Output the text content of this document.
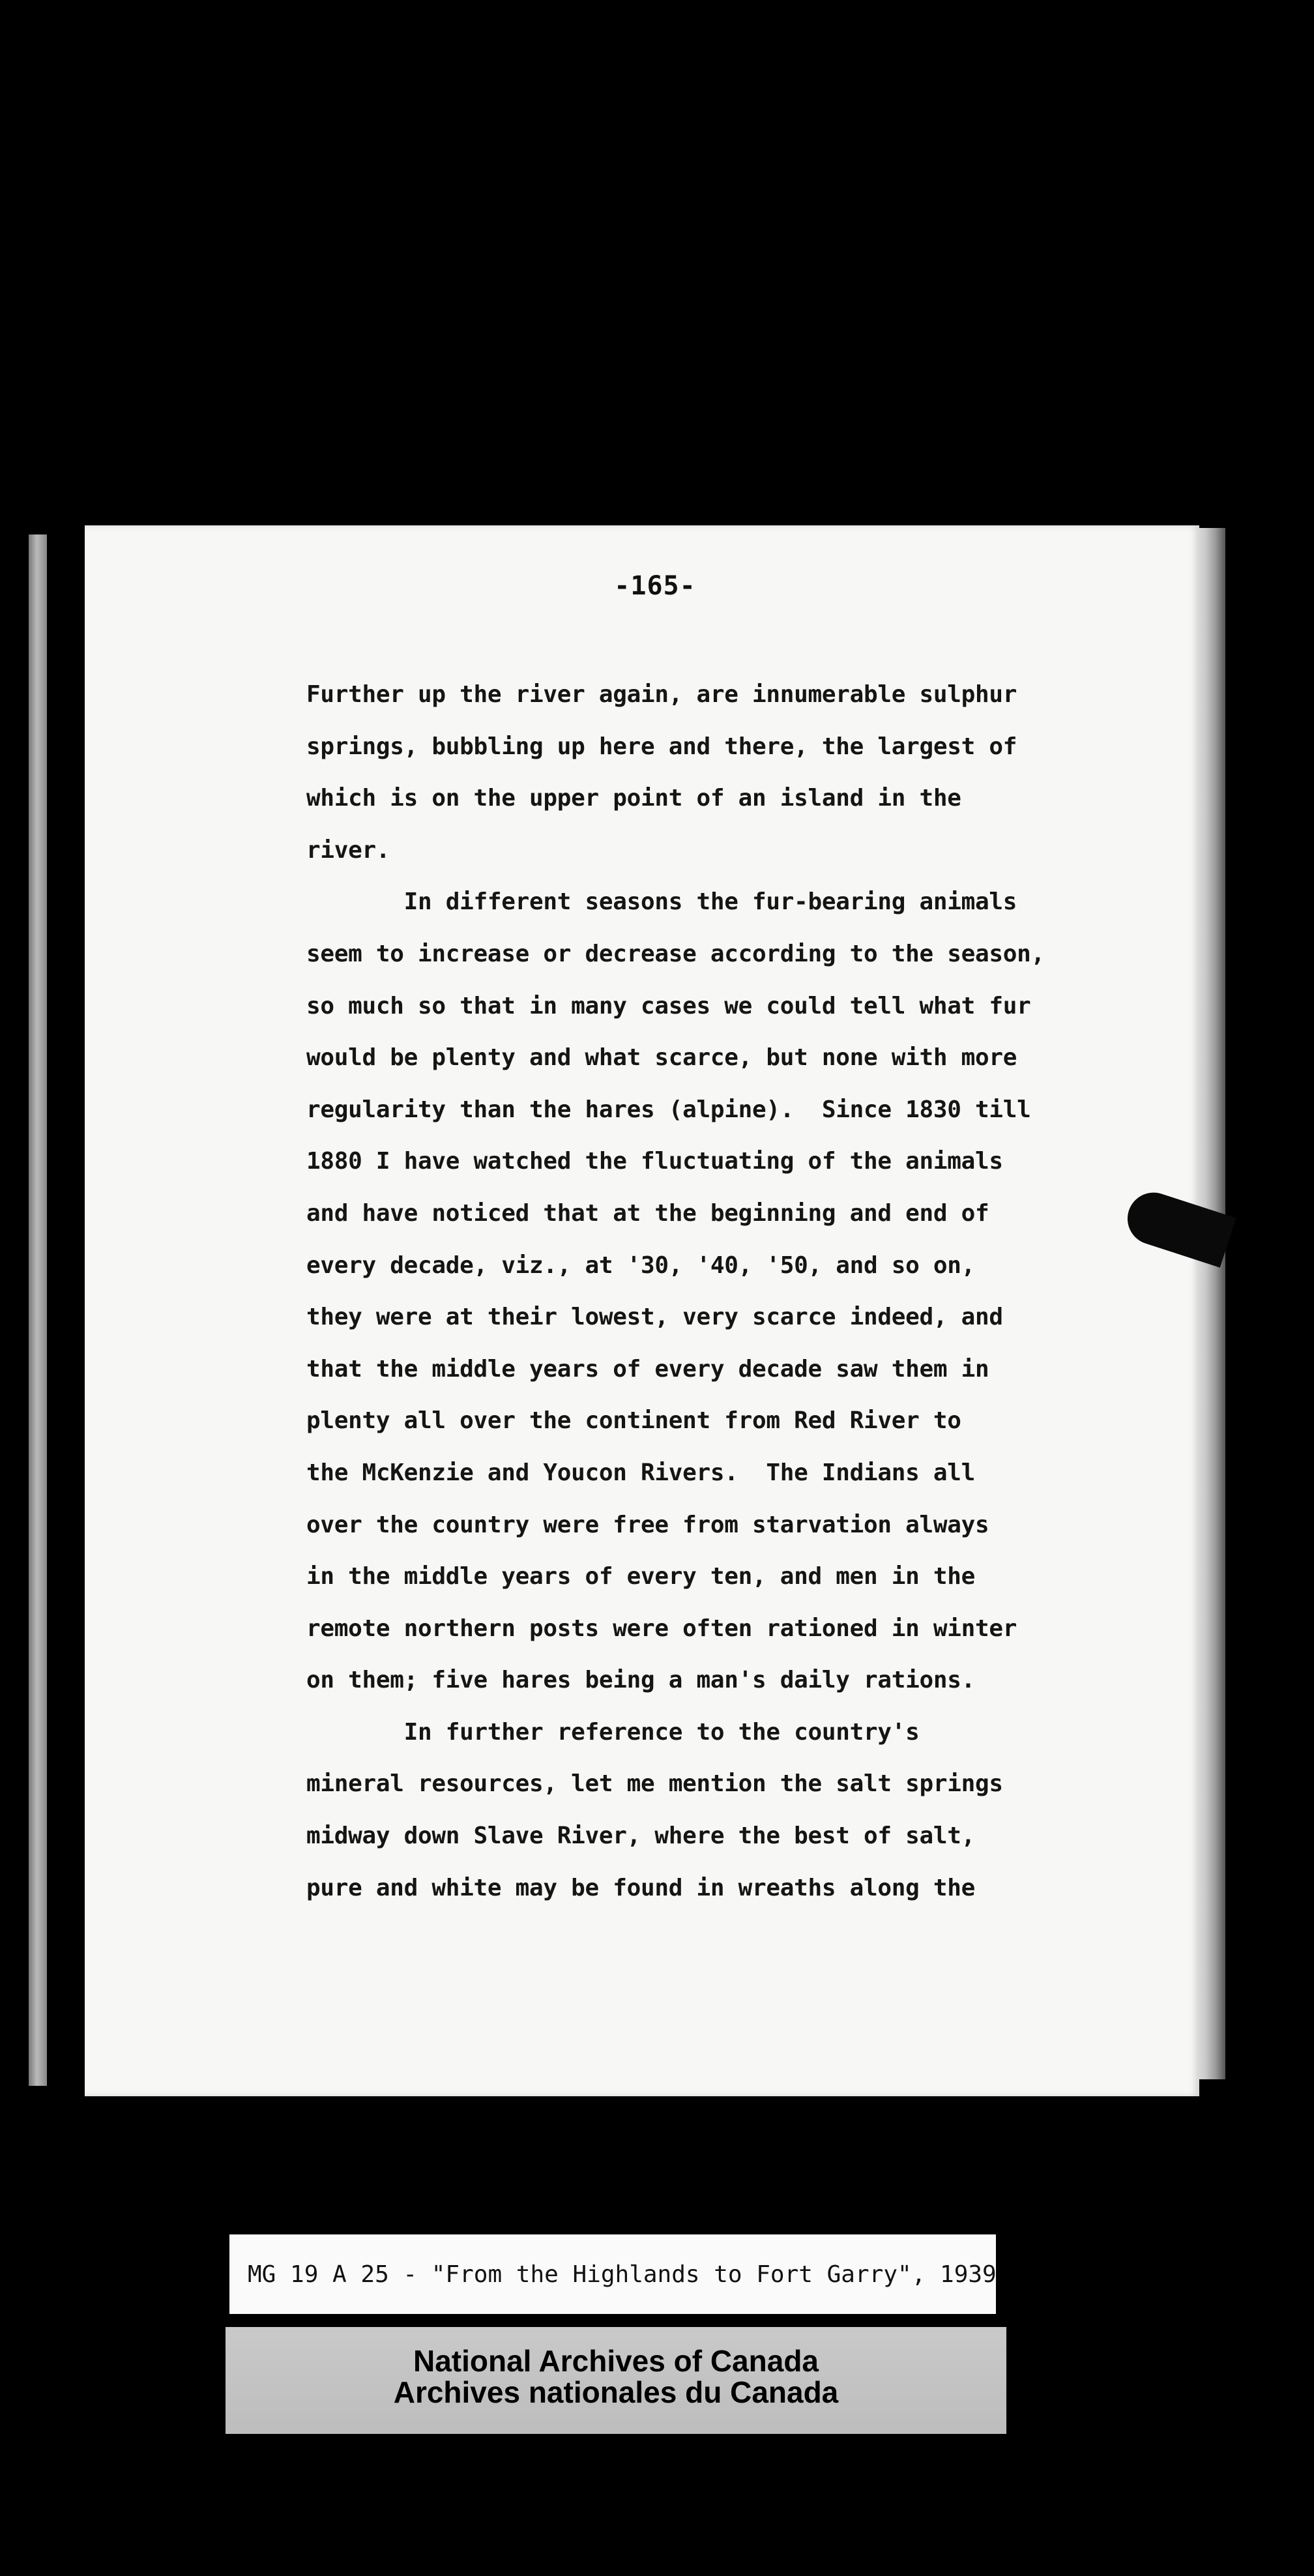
-165-
Further up the river again, are innumerable sulphur
springs, bubbling up here and there, the largest of
which is on the upper point of an island in the
river.
In different seasons the fur-bearing animals
seem to increase or decrease according to the season,
so much so that in many cases we could tell what fur
would be plenty and what scarce, but none with more
regularity than the hares (alpine).  Since 1830 till
1880 I have watched the fluctuating of the animals
and have noticed that at the beginning and end of
every decade, viz., at '30, '40, '50, and so on,
they were at their lowest, very scarce indeed, and
that the middle years of every decade saw them in
plenty all over the continent from Red River to
the McKenzie and Youcon Rivers.  The Indians all
over the country were free from starvation always
in the middle years of every ten, and men in the
remote northern posts were often rationed in winter
on them; five hares being a man's daily rations.
In further reference to the country's
mineral resources, let me mention the salt springs
midway down Slave River, where the best of salt,
pure and white may be found in wreaths along the
MG 19 A 25 - "From the Highlands to Fort Garry", 1939
National Archives of Canada
Archives nationales du Canada
